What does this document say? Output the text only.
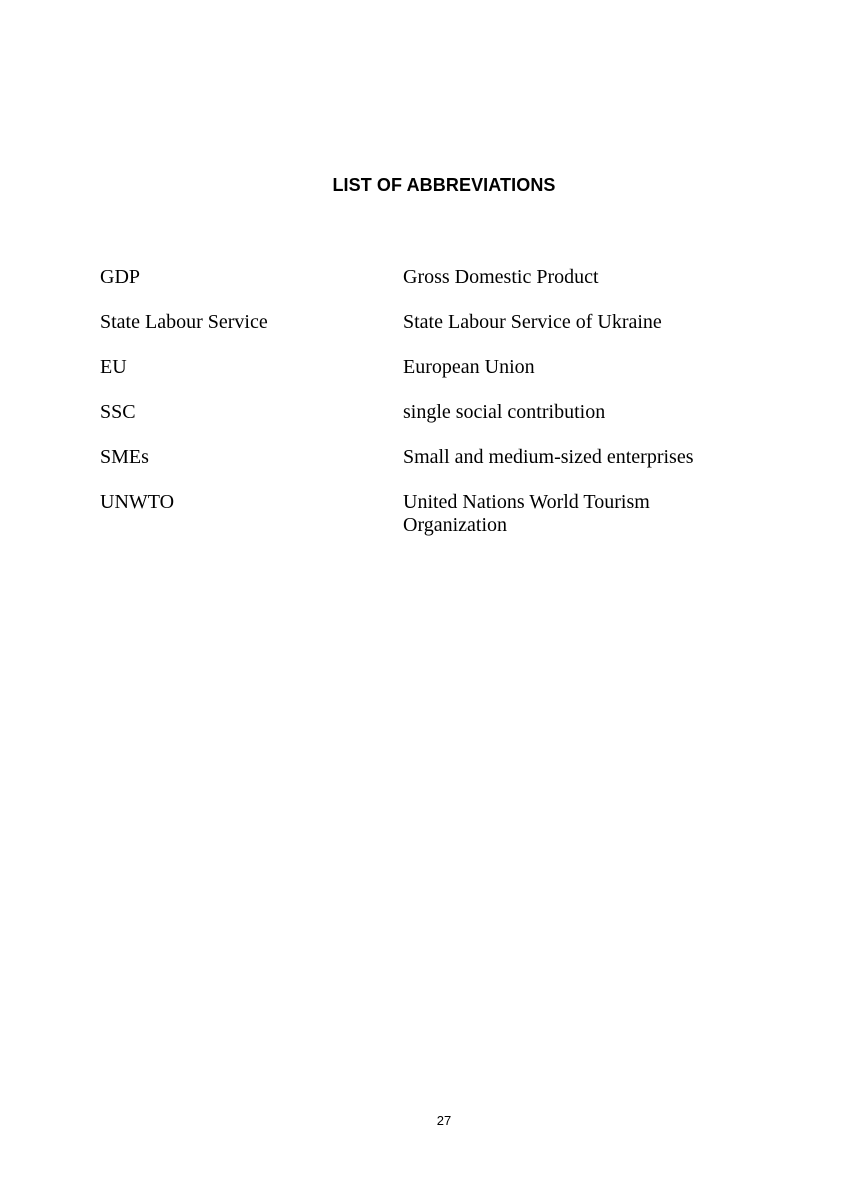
LIST OF ABBREVIATIONS
GDP	Gross Domestic Product
State Labour Service	State Labour Service of Ukraine
EU	European Union
SSC	single social contribution
SMEs	Small and medium-sized enterprises
UNWTO	United Nations World Tourism Organization

27
